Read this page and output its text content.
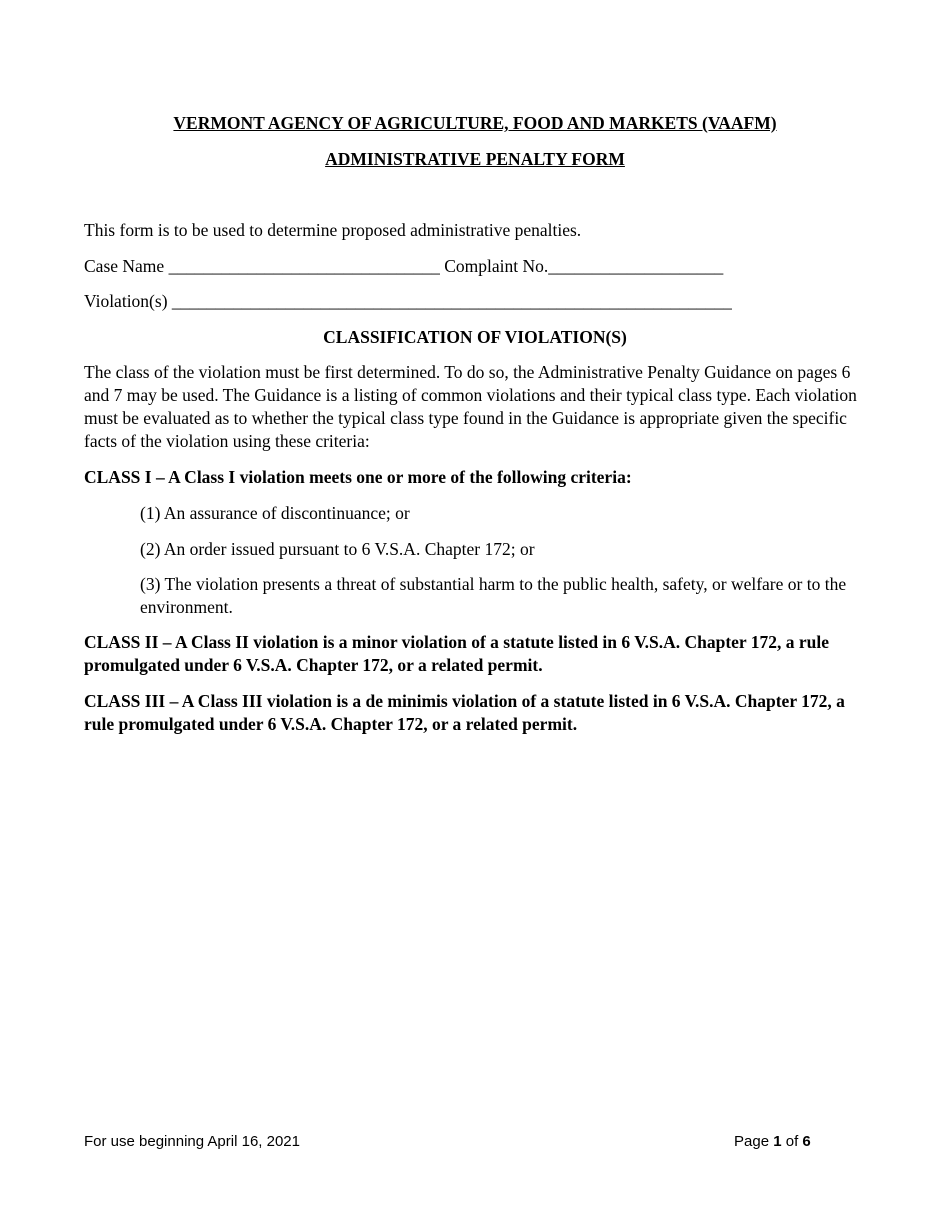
VERMONT AGENCY OF AGRICULTURE, FOOD AND MARKETS (VAAFM)
ADMINISTRATIVE PENALTY FORM
This form is to be used to determine proposed administrative penalties.
Case Name _______________________________ Complaint No.____________________
Violation(s) ________________________________________________________________
CLASSIFICATION OF VIOLATION(S)
The class of the violation must be first determined. To do so, the Administrative Penalty Guidance on pages 6 and 7 may be used. The Guidance is a listing of common violations and their typical class type. Each violation must be evaluated as to whether the typical class type found in the Guidance is appropriate given the specific facts of the violation using these criteria:
CLASS I – A Class I violation meets one or more of the following criteria:
(1) An assurance of discontinuance; or
(2) An order issued pursuant to 6 V.S.A. Chapter 172; or
(3) The violation presents a threat of substantial harm to the public health, safety, or welfare or to the environment.
CLASS II – A Class II violation is a minor violation of a statute listed in 6 V.S.A. Chapter 172, a rule promulgated under 6 V.S.A. Chapter 172, or a related permit.
CLASS III – A Class III violation is a de minimis violation of a statute listed in 6 V.S.A. Chapter 172, a rule promulgated under 6 V.S.A. Chapter 172, or a related permit.
For use beginning April 16, 2021	Page 1 of 6
